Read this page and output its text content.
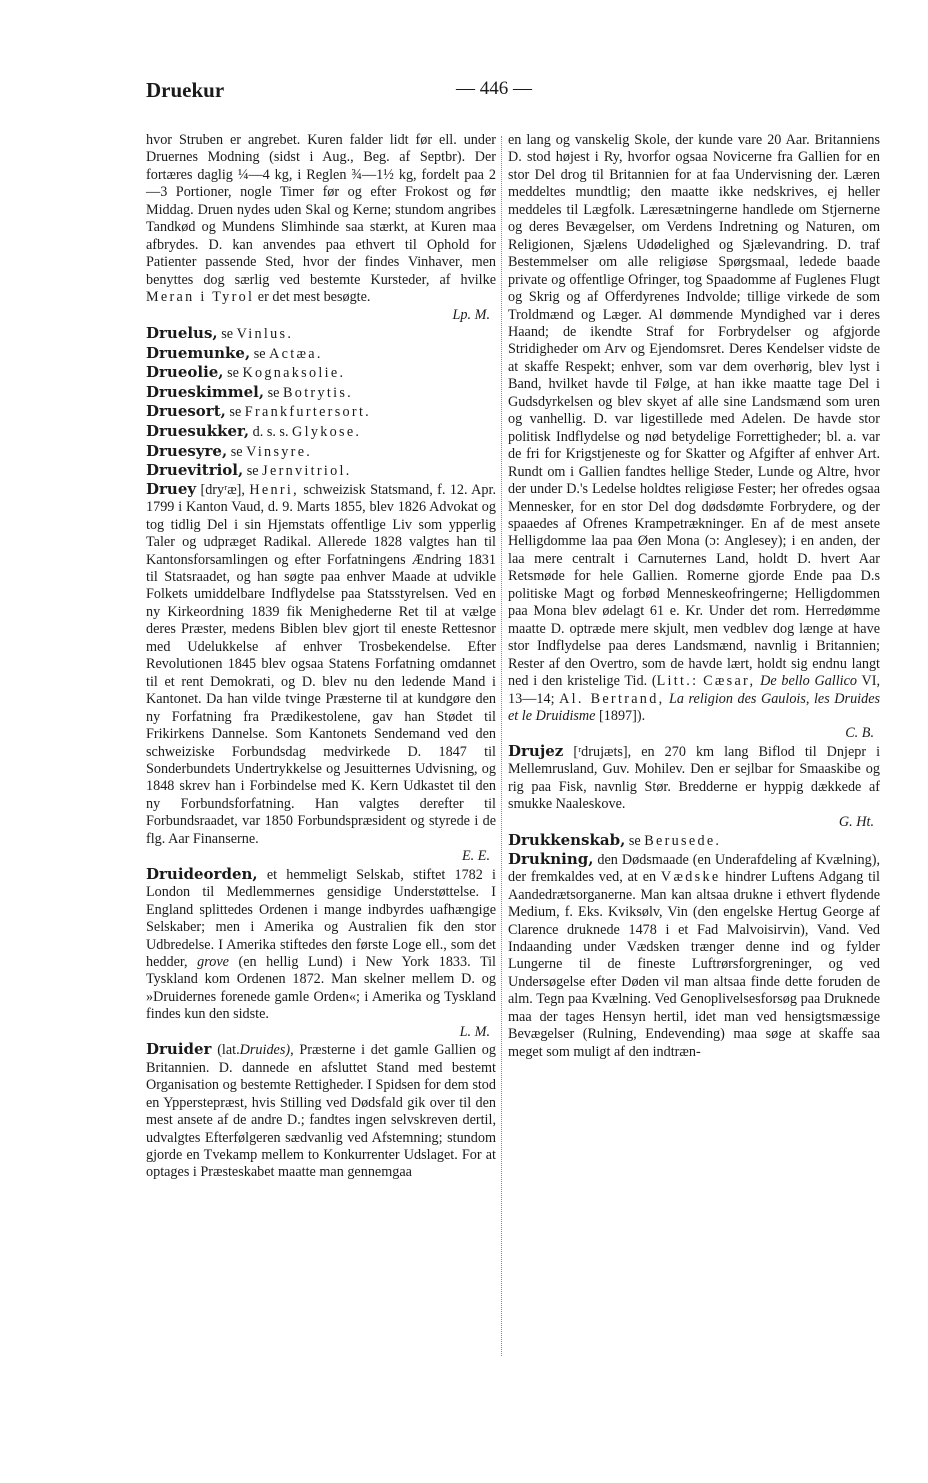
Druekur	— 446 —

hvor Struben er angrebet. Kuren falder lidt før ell. under Druernes Modning (sidst i Aug., Beg. af Septbr). Der fortæres daglig ¼—4 kg, i Reglen ¾—1½ kg, fordelt paa 2—3 Portioner, nogle Timer før og efter Frokost og før Middag. Druen nydes uden Skal og Kerne; stundom angribes Tandkød og Mundens Slimhinde saa stærkt, at Kuren maa afbrydes. D. kan anvendes paa ethvert til Ophold for Patienter passende Sted, hvor der findes Vinhaver, men benyttes dog særlig ved bestemte Kursteder, af hvilke Meran i Tyrol er det mest besøgte.
Lp. M.

Druelus, se Vinlus.

Druemunke, se Actæa.

Drueolie, se Kognaksolie.

Drueskimmel, se Botrytis.

Druesort, se Frankfurtersort.

Druesukker, d. s. s. Glykose.

Druesyre, se Vinsyre.

Druevitriol, se Jernvitriol.

Druey [dryʳæ], Henri, schweizisk Statsmand, f. 12. Apr. 1799 i Kanton Vaud, d. 9. Marts 1855, blev 1826 Advokat og tog tidlig Del i sin Hjemstats offentlige Liv som ypperlig Taler og udpræget Radikal. Allerede 1828 valgtes han til Kantonsforsamlingen og efter Forfatningens Ændring 1831 til Statsraadet, og han søgte paa enhver Maade at udvikle Folkets umiddelbare Indflydelse paa Statsstyrelsen. Ved en ny Kirkeordning 1839 fik Menighederne Ret til at vælge deres Præster, medens Biblen blev gjort til eneste Rettesnor med Udelukkelse af enhver Trosbekendelse. Efter Revolutionen 1845 blev ogsaa Statens Forfatning omdannet til et rent Demokrati, og D. blev nu den ledende Mand i Kantonet. Da han vilde tvinge Præsterne til at kundgøre den ny Forfatning fra Prædikestolene, gav han Stødet til Frikirkens Dannelse. Som Kantonets Sendemand ved den schweiziske Forbundsdag medvirkede D. 1847 til Sonderbundets Undertrykkelse og Jesuitternes Udvisning, og 1848 skrev han i Forbindelse med K. Kern Udkastet til den ny Forbundsforfatning. Han valgtes derefter til Forbundsraadet, var 1850 Forbundspræsident og styrede i de flg. Aar Finanserne.
E. E.

Druideorden, et hemmeligt Selskab, stiftet 1782 i London til Medlemmernes gensidige Understøttelse. I England splittedes Ordenen i mange indbyrdes uafhængige Selskaber; men i Amerika og Australien fik den stor Udbredelse. I Amerika stiftedes den første Loge ell., som det hedder, grove (en hellig Lund) i New York 1833. Til Tyskland kom Ordenen 1872. Man skelner mellem D. og »Druidernes forenede gamle Orden«; i Amerika og Tyskland findes kun den sidste.
L. M.

Druider (lat.Druides), Præsterne i det gamle Gallien og Britannien. D. dannede en afsluttet Stand med bestemt Organisation og bestemte Rettigheder. I Spidsen for dem stod en Ypperstepræst, hvis Stilling ved Dødsfald gik over til den mest ansete af de andre D.; fandtes ingen selvskreven dertil, udvalgtes Efterfølgeren sædvanlig ved Afstemning; stundom gjorde en Tvekamp mellem to Konkurrenter Udslaget. For at optages i Præsteskabet maatte man gennemgaa

en lang og vanskelig Skole, der kunde vare 20 Aar. Britanniens D. stod højest i Ry, hvorfor ogsaa Novicerne fra Gallien for en stor Del drog til Britannien for at faa Undervisning der. Læren meddeltes mundtlig; den maatte ikke nedskrives, ej heller meddeles til Lægfolk. Læresætningerne handlede om Stjernerne og deres Bevægelser, om Verdens Indretning og Naturen, om Religionen, Sjælens Udødelighed og Sjælevandring. D. traf Bestemmelser om alle religiøse Spørgsmaal, ledede baade private og offentlige Ofringer, tog Spaadomme af Fuglenes Flugt og Skrig og af Offerdyrenes Indvolde; tillige virkede de som Troldmænd og Læger. Al dømmende Myndighed var i deres Haand; de ikendte Straf for Forbrydelser og afgjorde Stridigheder om Arv og Ejendomsret. Deres Kendelser vidste de at skaffe Respekt; enhver, som var dem overhørig, blev lyst i Band, hvilket havde til Følge, at han ikke maatte tage Del i Gudsdyrkelsen og blev skyet af alle sine Landsmænd som uren og vanhellig. D. var ligestillede med Adelen. De havde stor politisk Indflydelse og nød betydelige Forrettigheder; bl. a. var de fri for Krigstjeneste og for Skatter og Afgifter af enhver Art. Rundt om i Gallien fandtes hellige Steder, Lunde og Altre, hvor der under D.'s Ledelse holdtes religiøse Fester; her ofredes ogsaa Mennesker, for en stor Del dog dødsdømte Forbrydere, og der spaaedes af Ofrenes Krampetrækninger. En af de mest ansete Helligdomme laa paa Øen Mona (ɔ: Anglesey); i en anden, der laa mere centralt i Carnuternes Land, holdt D. hvert Aar Retsmøde for hele Gallien. Romerne gjorde Ende paa D.s politiske Magt og forbød Menneskeofringerne; Helligdommen paa Mona blev ødelagt 61 e. Kr. Under det rom. Herredømme maatte D. optræde mere skjult, men vedblev dog længe at have stor Indflydelse paa deres Landsmænd, navnlig i Britannien; Rester af den Overtro, som de havde lært, holdt sig endnu langt ned i den kristelige Tid. (Litt.: Cæsar, De bello Gallico VI, 13—14; Al. Bertrand, La religion des Gaulois, les Druides et le Druidisme [1897]).
C. B.

Drujez [ʳdrujæts], en 270 km lang Biflod til Dnjepr i Mellemrusland, Guv. Mohilev. Den er sejlbar for Smaaskibe og rig paa Fisk, navnlig Stør. Bredderne er hyppig dækkede af smukke Naaleskove.
G. Ht.

Drukkenskab, se Berusede.

Drukning, den Dødsmaade (en Underafdeling af Kvælning), der fremkaldes ved, at en Vædske hindrer Luftens Adgang til Aandedrætsorganerne. Man kan altsaa drukne i ethvert flydende Medium, f. Eks. Kviksølv, Vin (den engelske Hertug George af Clarence druknede 1478 i et Fad Malvoisirvin), Vand. Ved Indaanding under Vædsken trænger denne ind og fylder Lungerne til de fineste Luftrørsforgreninger, og ved Undersøgelse efter Døden vil man altsaa finde dette foruden de alm. Tegn paa Kvælning. Ved Genoplivelsesforsøg paa Druknede maa der tages Hensyn hertil, idet man ved hensigtsmæssige Bevægelser (Rulning, Endevending) maa søge at skaffe saa meget som muligt af den indtræn-
